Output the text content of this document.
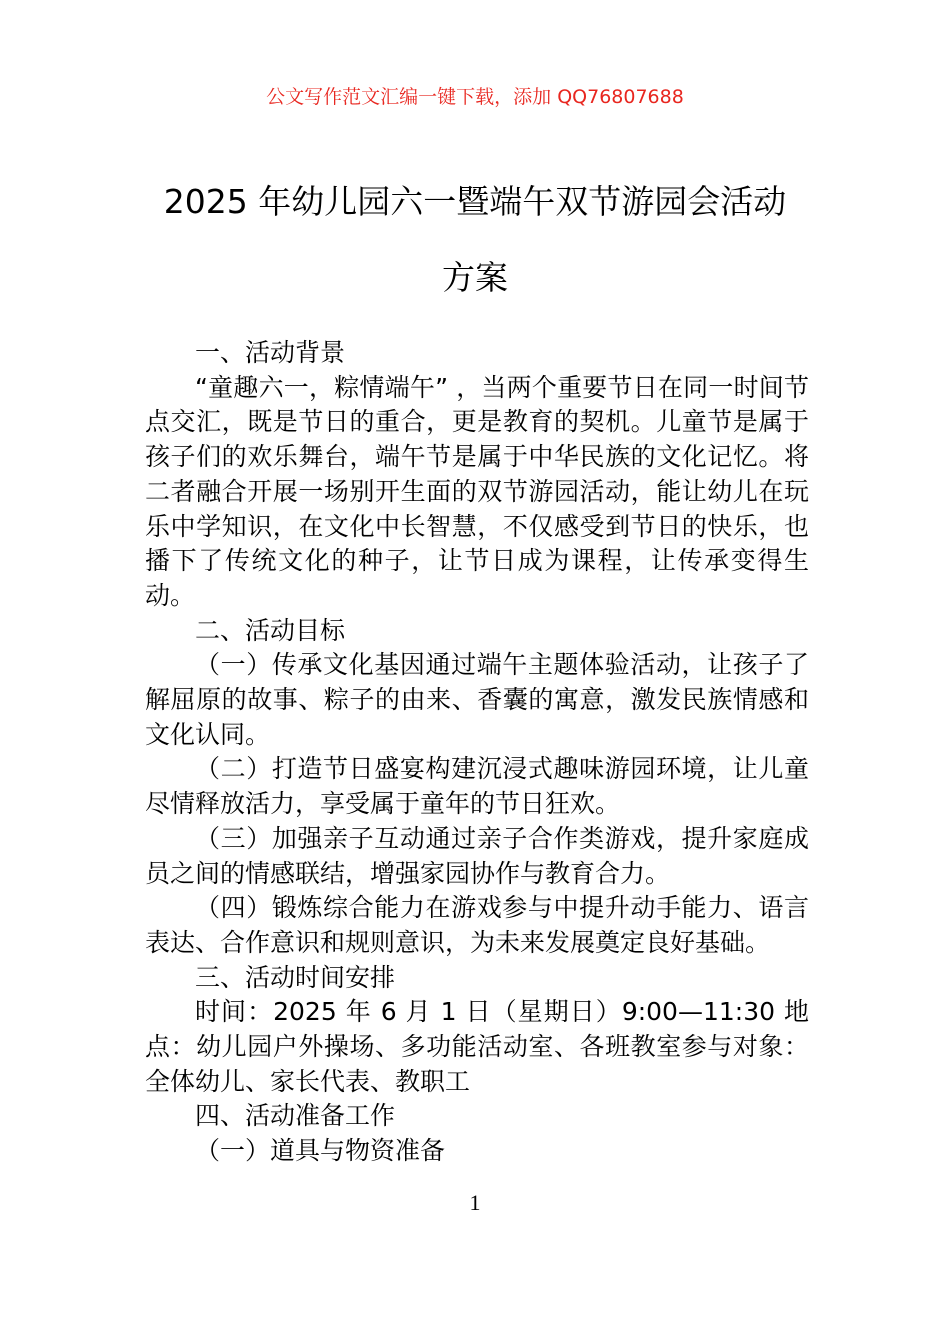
公文写作范文汇编一键下载，添加 QQ76807688
2025 年幼儿园六一暨端午双节游园会活动
方案

一、活动背景

“童趣六一，粽情端午” ，当两个重要节日在同一时间节点交汇，既是节日的重合，更是教育的契机。儿童节是属于孩子们的欢乐舞台，端午节是属于中华民族的文化记忆。将二者融合开展一场别开生面的双节游园活动，能让幼儿在玩乐中学知识，在文化中长智慧，不仅感受到节日的快乐，也播下了传统文化的种子，让节日成为课程，让传承变得生动。

二、活动目标

（一）传承文化基因通过端午主题体验活动，让孩子了解屈原的故事、粽子的由来、香囊的寓意，激发民族情感和文化认同。

（二）打造节日盛宴构建沉浸式趣味游园环境，让儿童尽情释放活力，享受属于童年的节日狂欢。

（三）加强亲子互动通过亲子合作类游戏，提升家庭成员之间的情感联结，增强家园协作与教育合力。

（四）锻炼综合能力在游戏参与中提升动手能力、语言表达、合作意识和规则意识，为未来发展奠定良好基础。

三、活动时间安排

时间：2025 年 6 月 1 日（星期日）9:00—11:30 地点：幼儿园户外操场、多功能活动室、各班教室参与对象：全体幼儿、家长代表、教职工

四、活动准备工作

（一）道具与物资准备

1
